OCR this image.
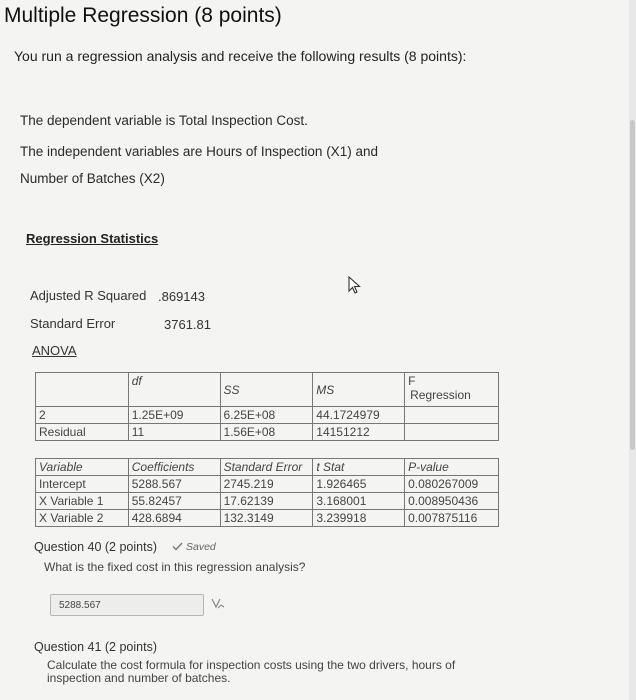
Multiple Regression (8 points)
You run a regression analysis and receive the following results (8 points):
The dependent variable is Total Inspection Cost.
The independent variables are Hours of Inspection (X1) and
Number of Batches (X2)
Regression Statistics
Adjusted R Squared .869143
Standard Error	3761.81
ANOVA
	df	SS	MS	F
Regression

2	1.25E+09	6.25E+08	44.1724979	
Residual	11	1.56E+08	14151212	
Variable	Coefficients	Standard Error	t Stat	P-value
Intercept	5288.567	2745.219	1.926465	0.080267009
X Variable 1	55.82457	17.62139	3.168001	0.008950436
X Variable 2	428.6894	132.3149	3.239918	0.007875116
Question 40 (2 points)	Saved
What is the fixed cost in this regression analysis?
5288.567
Question 41 (2 points)
Calculate the cost formula for inspection costs using the two drivers, hours of
inspection and number of batches.
